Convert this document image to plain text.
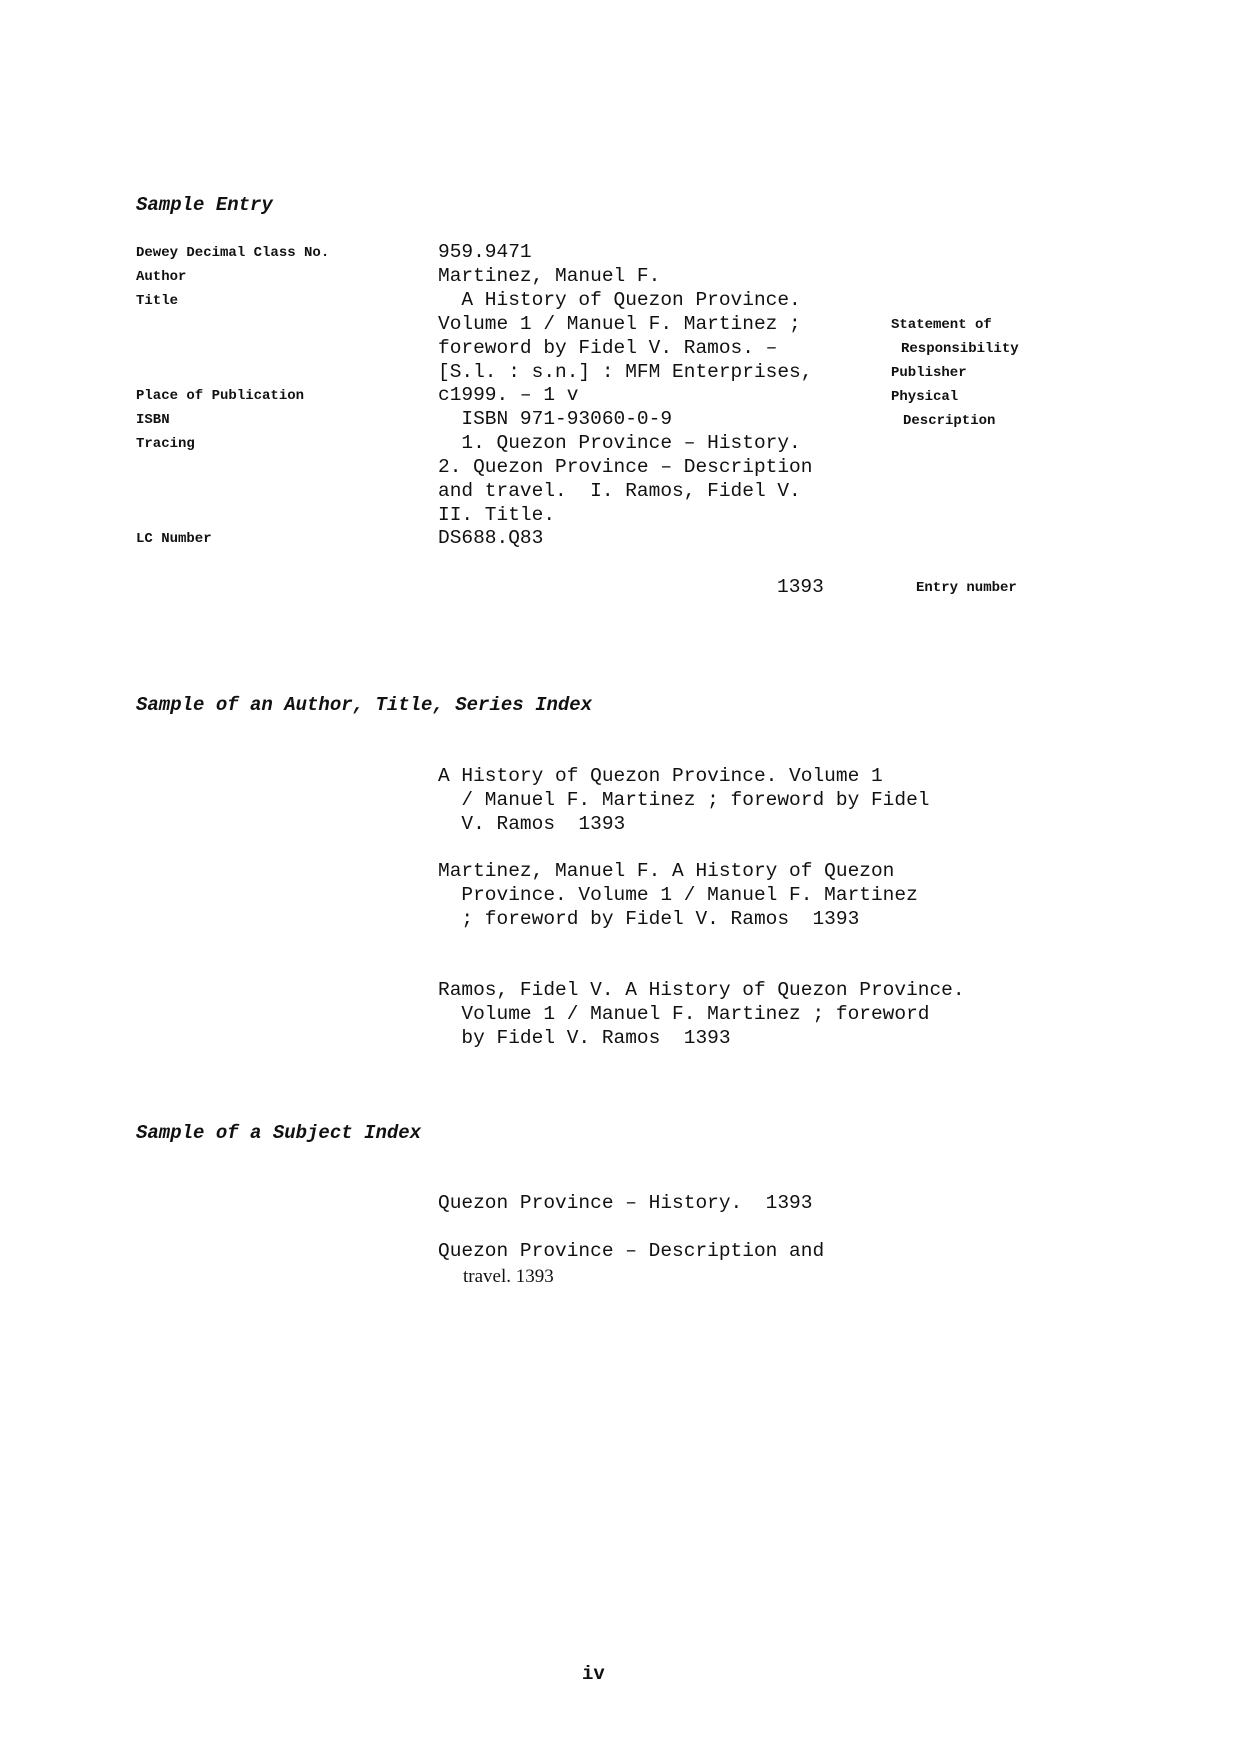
Sample Entry
Dewey Decimal Class No.
Author
Title
Place of Publication
ISBN
Tracing
LC Number
959.9471
Martinez, Manuel F.
A History of Quezon Province.
Volume 1 / Manuel F. Martinez ;
foreword by Fidel V. Ramos. –
[S.l. : s.n.] : MFM Enterprises,
c1999. – 1 v
ISBN 971-93060-0-9
1. Quezon Province – History.
2. Quezon Province – Description
and travel.  I. Ramos, Fidel V.
II. Title.
DS688.Q83
Statement of
Responsibility
Publisher
Physical
Description
1393	Entry number
Sample of an Author, Title, Series Index
A History of Quezon Province. Volume 1
/ Manuel F. Martinez ; foreword by Fidel
V. Ramos  1393
Martinez, Manuel F. A History of Quezon
Province. Volume 1 / Manuel F. Martinez
; foreword by Fidel V. Ramos  1393
Ramos, Fidel V. A History of Quezon Province.
Volume 1 / Manuel F. Martinez ; foreword
by Fidel V. Ramos  1393
Sample of a Subject Index
Quezon Province – History.  1393
Quezon Province – Description and
travel. 1393
iv
